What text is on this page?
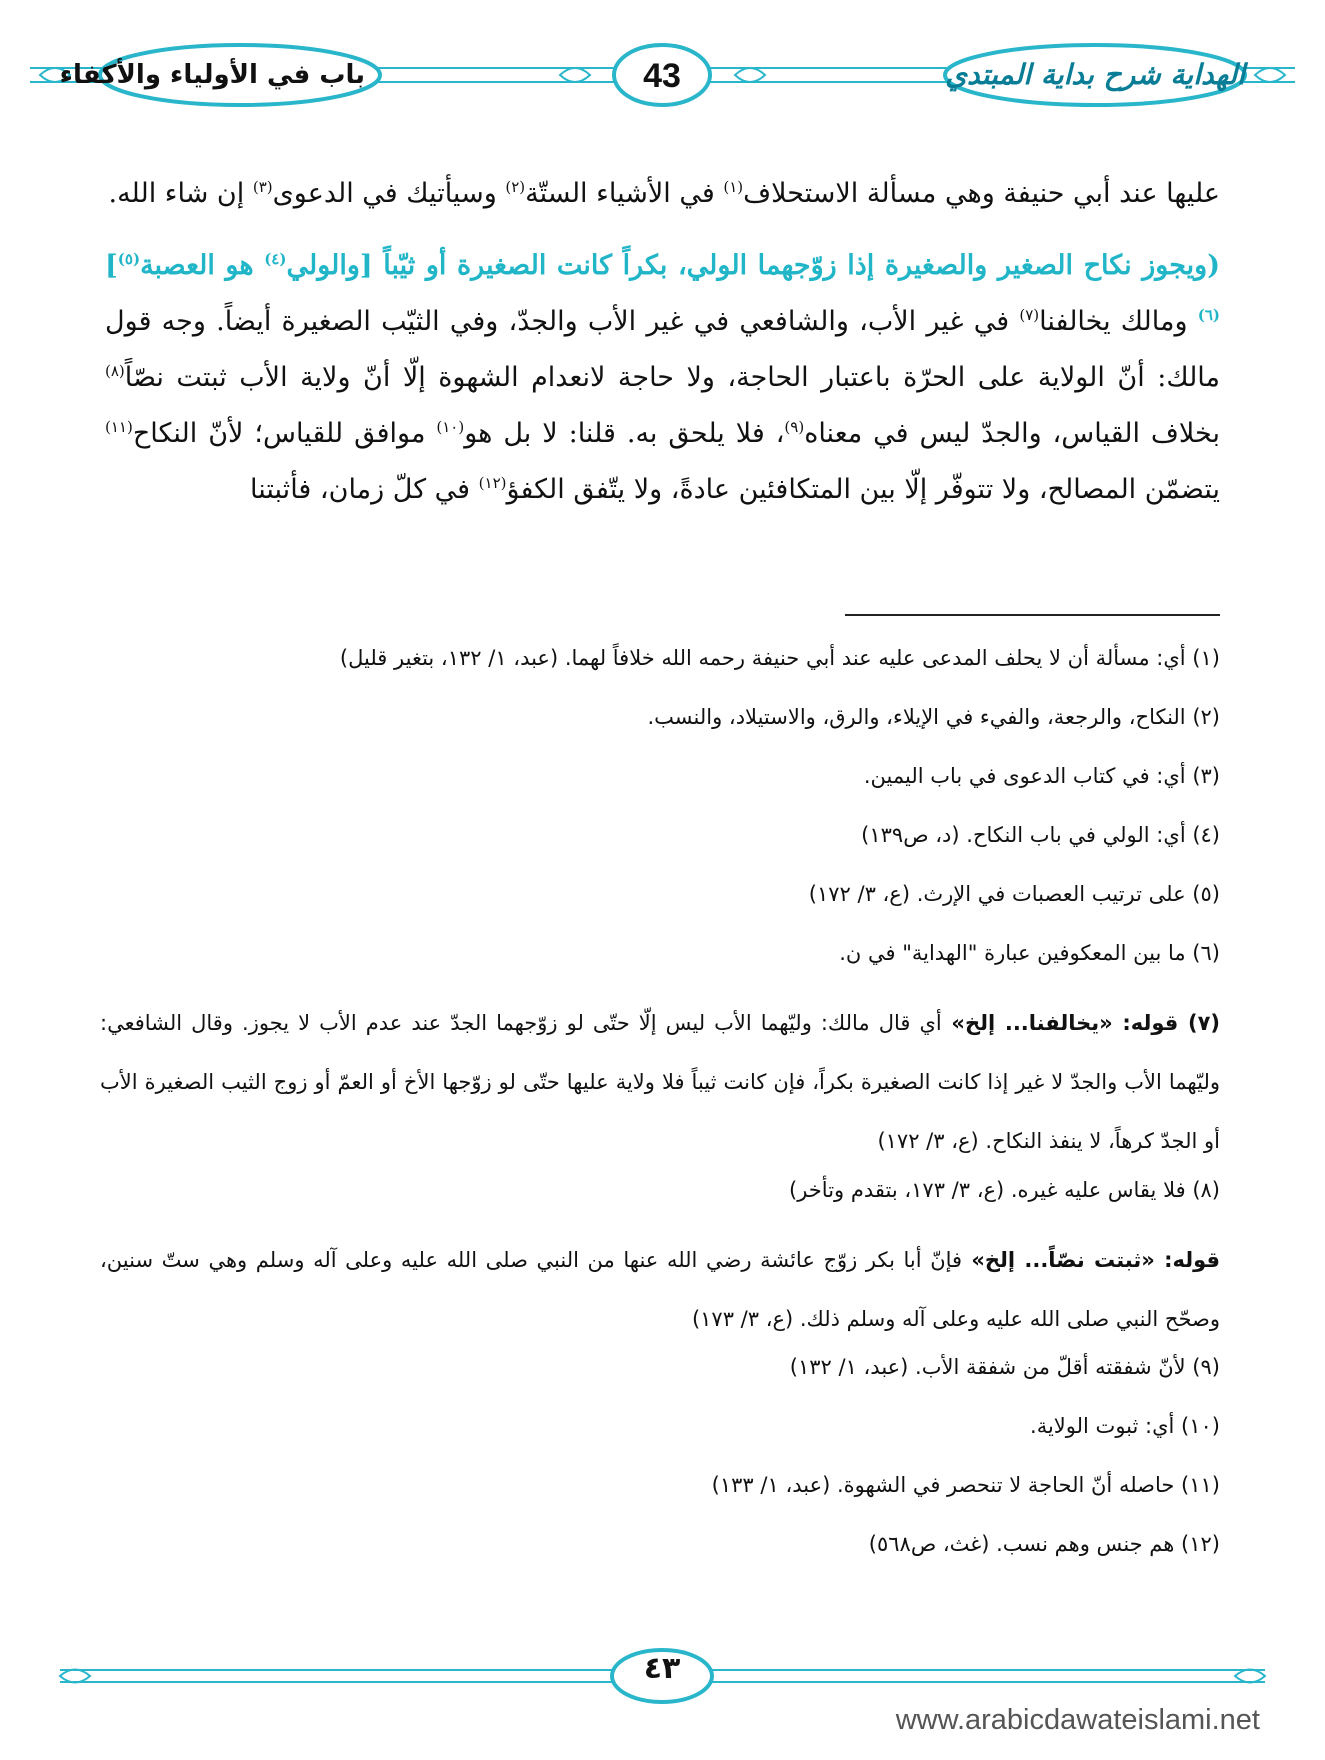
باب في الأولياء والأكفاء	43	الهداية شرح بداية المبتدي
عليها عند أبي حنيفة وهي مسألة الاستحلاف$^{(١)}$ في الأشياء الستّة$^{(٢)}$ وسيأتيك في الدعوى$^{(٣)}$ إن شاء الله.
(ويجوز نكاح الصغير والصغيرة إذا زوّجهما الولي، بكراً كانت الصغيرة أو ثيّباً [والولي$^{(٤)}$ هو العصبة$^{(٥)}$]$^{(٦)}$ ومالك يخالفنا$^{(٧)}$ في غير الأب، والشافعي في غير الأب والجدّ، وفي الثيّب الصغيرة أيضاً. وجه قول مالك: أنّ الولاية على الحرّة باعتبار الحاجة، ولا حاجة لانعدام الشهوة إلّا أنّ ولاية الأب ثبتت نصّاً$^{(٨)}$ بخلاف القياس، والجدّ ليس في معناه$^{(٩)}$، فلا يلحق به. قلنا: لا بل هو$^{(١٠)}$ موافق للقياس؛ لأنّ النكاح$^{(١١)}$ يتضمّن المصالح، ولا تتوفّر إلّا بين المتكافئين عادةً، ولا يتّفق الكفؤ$^{(١٢)}$ في كلّ زمان، فأثبتنا
(١) أي: مسألة أن لا يحلف المدعى عليه عند أبي حنيفة رحمه الله خلافاً لهما. (عبد، ١/ ١٣٢، بتغير قليل)
(٢) النكاح، والرجعة، والفيء في الإيلاء، والرق، والاستيلاد، والنسب.
(٣) أي: في كتاب الدعوى في باب اليمين.
(٤) أي: الولي في باب النكاح. (د، ص١٣٩)
(٥) على ترتيب العصبات في الإرث. (ع، ٣/ ١٧٢)
(٦) ما بين المعكوفين عبارة "الهداية" في ن.
(٧) قوله: «يخالفنا... إلخ» أي قال مالك: وليّهما الأب ليس إلّا حتّى لو زوّجهما الجدّ عند عدم الأب لا يجوز. وقال الشافعي: وليّهما الأب والجدّ لا غير إذا كانت الصغيرة بكراً، فإن كانت ثيباً فلا ولاية عليها حتّى لو زوّجها الأخ أو العمّ أو زوج الثيب الصغيرة الأب أو الجدّ كرهاً، لا ينفذ النكاح. (ع، ٣/ ١٧٢)
(٨) فلا يقاس عليه غيره. (ع، ٣/ ١٧٣، بتقدم وتأخر)
قوله: «ثبتت نصّاً... إلخ» فإنّ أبا بكر زوّج عائشة رضي الله عنها من النبي صلى الله عليه وعلى آله وسلم وهي ستّ سنين، وصحّح النبي صلى الله عليه وعلى آله وسلم ذلك. (ع، ٣/ ١٧٣)
(٩) لأنّ شفقته أقلّ من شفقة الأب. (عبد، ١/ ١٣٢)
(١٠) أي: ثبوت الولاية.
(١١) حاصله أنّ الحاجة لا تنحصر في الشهوة. (عبد، ١/ ١٣٣)
(١٢) هم جنس وهم نسب. (غث، ص٥٦٨)
٤٣
www.arabicdawateislami.net
